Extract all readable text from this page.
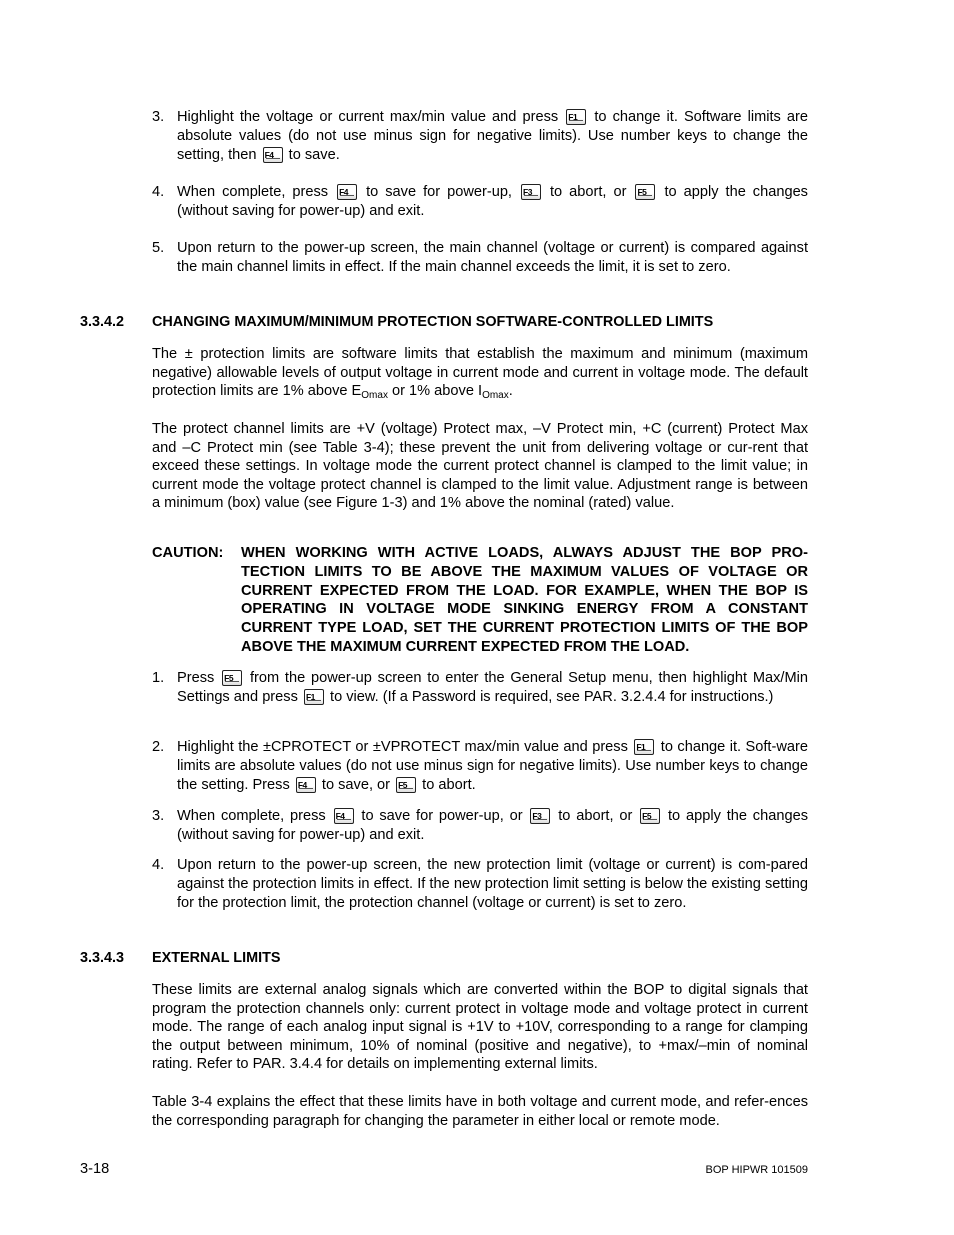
3. Highlight the voltage or current max/min value and press F1 to change it. Software limits are absolute values (do not use minus sign for negative limits). Use number keys to change the setting, then F4 to save.
4. When complete, press F4 to save for power-up, F3 to abort, or F5 to apply the changes (without saving for power-up) and exit.
5. Upon return to the power-up screen, the main channel (voltage or current) is compared against the main channel limits in effect. If the main channel exceeds the limit, it is set to zero.
3.3.4.2 CHANGING MAXIMUM/MINIMUM PROTECTION SOFTWARE-CONTROLLED LIMITS
The ± protection limits are software limits that establish the maximum and minimum (maximum negative) allowable levels of output voltage in current mode and current in voltage mode. The default protection limits are 1% above $E_{Omax}$ or 1% above $I_{Omax}$.
The protect channel limits are +V (voltage) Protect max, –V Protect min, +C (current) Protect Max and –C Protect min (see Table 3-4); these prevent the unit from delivering voltage or cur-rent that exceed these settings. In voltage mode the current protect channel is clamped to the limit value; in current mode the voltage protect channel is clamped to the limit value. Adjustment range is between a minimum (box) value (see Figure 1-3) and 1% above the nominal (rated) value.
CAUTION: WHEN WORKING WITH ACTIVE LOADS, ALWAYS ADJUST THE BOP PRO-TECTION LIMITS TO BE ABOVE THE MAXIMUM VALUES OF VOLTAGE OR CURRENT EXPECTED FROM THE LOAD. FOR EXAMPLE, WHEN THE BOP IS OPERATING IN VOLTAGE MODE SINKING ENERGY FROM A CONSTANT CURRENT TYPE LOAD, SET THE CURRENT PROTECTION LIMITS OF THE BOP ABOVE THE MAXIMUM CURRENT EXPECTED FROM THE LOAD.
1. Press F5 from the power-up screen to enter the General Setup menu, then highlight Max/Min Settings and press F1 to view. (If a Password is required, see PAR. 3.2.4.4 for instructions.)
2. Highlight the ±CPROTECT or ±VPROTECT max/min value and press F1 to change it. Soft-ware limits are absolute values (do not use minus sign for negative limits). Use number keys to change the setting. Press F4 to save, or F5 to abort.
3. When complete, press F4 to save for power-up, or F3 to abort, or F5 to apply the changes (without saving for power-up) and exit.
4. Upon return to the power-up screen, the new protection limit (voltage or current) is com-pared against the protection limits in effect. If the new protection limit setting is below the existing setting for the protection limit, the protection channel (voltage or current) is set to zero.
3.3.4.3 EXTERNAL LIMITS
These limits are external analog signals which are converted within the BOP to digital signals that program the protection channels only: current protect in voltage mode and voltage protect in current mode. The range of each analog input signal is +1V to +10V, corresponding to a range for clamping the output between minimum, 10% of nominal (positive and negative), to +max/–min of nominal rating. Refer to PAR. 3.4.4 for details on implementing external limits.
Table 3-4 explains the effect that these limits have in both voltage and current mode, and refer-ences the corresponding paragraph for changing the parameter in either local or remote mode.
3-18	BOP HIPWR 101509
